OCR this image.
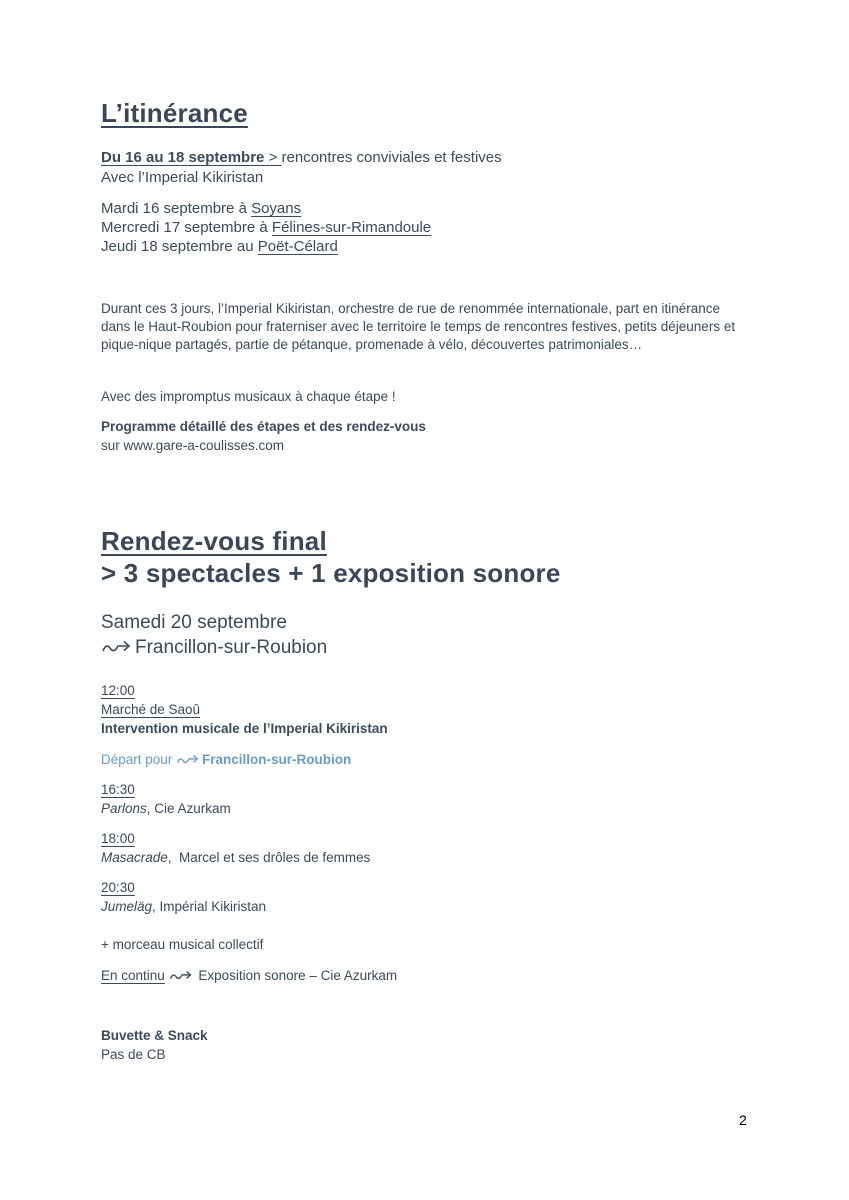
L’itinérance
Du 16 au 18 septembre > rencontres conviviales et festives
Avec l’Imperial Kikiristan
Mardi 16 septembre à Soyans
Mercredi 17 septembre à Félines-sur-Rimandoule
Jeudi 18 septembre au Poët-Célard
Durant ces 3 jours, l’Imperial Kikiristan, orchestre de rue de renommée internationale, part en itinérance dans le Haut-Roubion pour fraterniser avec le territoire le temps de rencontres festives, petits déjeuners et pique-nique partagés, partie de pétanque, promenade à vélo, découvertes patrimoniales…
Avec des impromptus musicaux à chaque étape !
Programme détaillé des étapes et des rendez-vous
sur www.gare-a-coulisses.com
Rendez-vous final
> 3 spectacles + 1 exposition sonore
Samedi 20 septembre
Francillon-sur-Roubion
12:00
Marché de Saoû
Intervention musicale de l’Imperial Kikiristan
Départ pour Francillon-sur-Roubion
16:30
Parlons, Cie Azurkam
18:00
Masacrade,  Marcel et ses drôles de femmes
20:30
Jumeläg, Impérial Kikiristan
+ morceau musical collectif
En continu  Exposition sonore – Cie Azurkam
Buvette & Snack
Pas de CB
2
